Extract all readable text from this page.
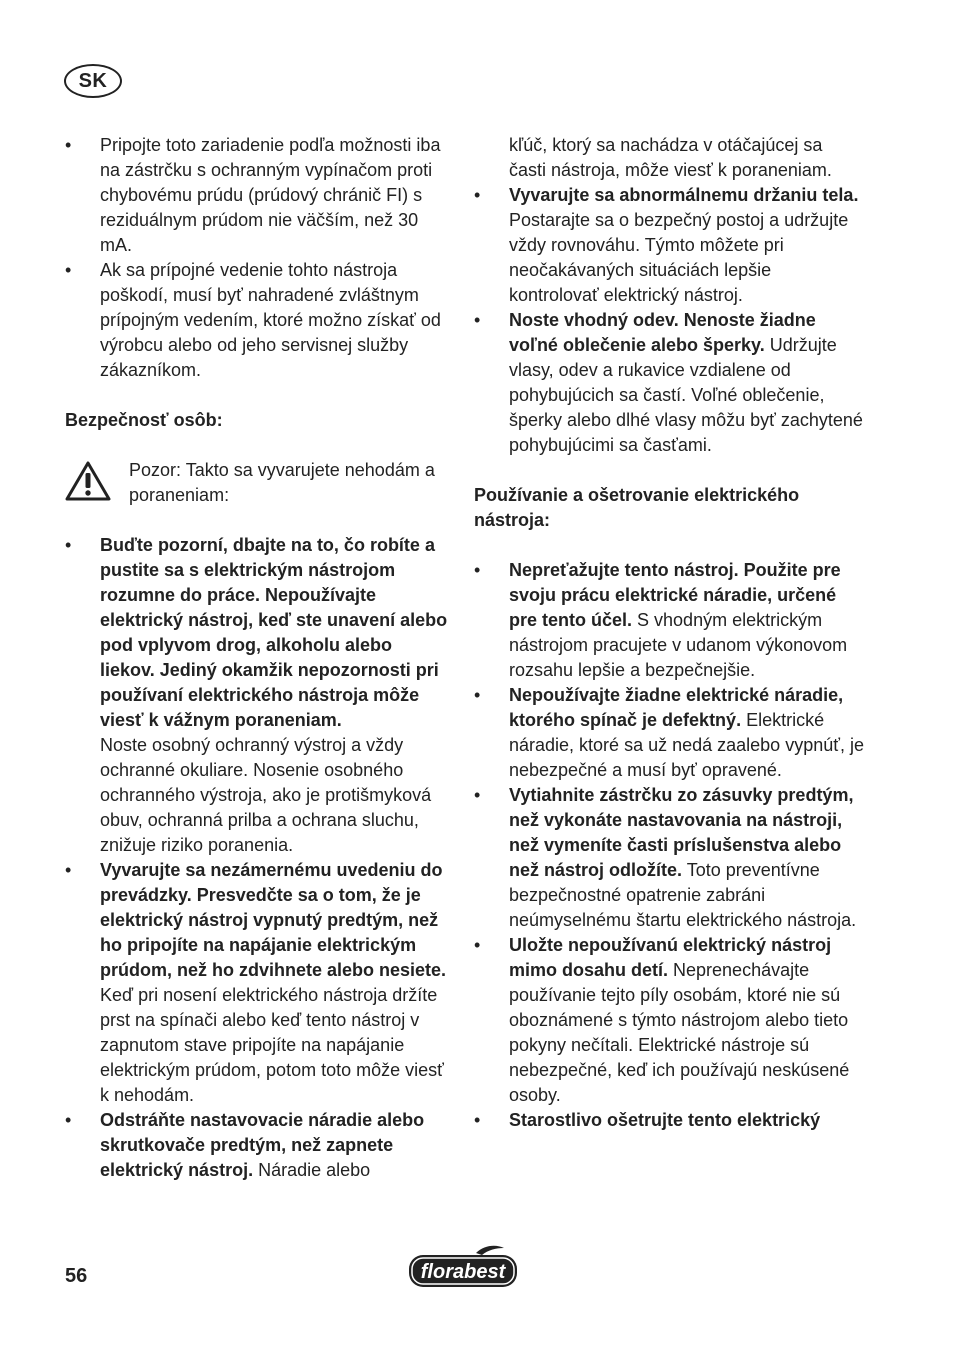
SK
• Pripojte toto zariadenie podľa možnosti iba na zástrčku s ochranným vypínačom proti chybovému prúdu (prúdový chránič FI) s reziduálnym prúdom nie väčším, než 30 mA.
• Ak sa prípojné vedenie tohto nástroja poškodí, musí byť nahradené zvláštnym prípojným vedením, ktoré možno získať od výrobcu alebo od jeho servisnej služby zákazníkom.

Bezpečnosť osôb:

Pozor: Takto sa vyvarujete nehodám a poraneniam:
• Buďte pozorní, dbajte na to, čo robíte a pustite sa s elektrickým nástrojom rozumne do práce. Nepoužívajte elektrický nástroj, keď ste unavení alebo pod vplyvom drog, alkoholu alebo liekov. Jediný okamžik nepozornosti pri používaní elektrického nástroja môže viesť k vážnym poraneniam.
Noste osobný ochranný výstroj a vždy ochranné okuliare. Nosenie osobného ochranného výstroja, ako je protišmyková obuv, ochranná prilba a ochrana sluchu, znižuje riziko poranenia.
• Vyvarujte sa nezámernému uvedeniu do prevádzky. Presvedčte sa o tom, že je elektrický nástroj vypnutý predtým, než ho pripojíte na napájanie elektrickým prúdom, než ho zdvihnete alebo nesiete.
Keď pri nosení elektrického nástroja držíte prst na spínači alebo keď tento nástroj v zapnutom stave pripojíte na napájanie elektrickým prúdom, potom toto môže viesť k nehodám.
• Odstráňte nastavovacie náradie alebo skrutkovače predtým, než zapnete elektrický nástroj. Náradie alebo

kľúč, ktorý sa nachádza v otáčajúcej sa časti nástroja, môže viesť k poraneniam.

• Vyvarujte sa abnormálnemu držaniu tela. Postarajte sa o bezpečný postoj a udržujte vždy rovnováhu. Týmto môžete pri neočakávaných situáciách lepšie kontrolovať elektrický nástroj.
• Noste vhodný odev. Nenoste žiadne voľné oblečenie alebo šperky. Udržujte vlasy, odev a rukavice vzdialene od pohybujúcich sa častí. Voľné oblečenie, šperky alebo dlhé vlasy môžu byť zachytené pohybujúcimi sa časťami.

Používanie a ošetrovanie elektrického nástroja:

• Nepreťažujte tento nástroj. Použite pre svoju prácu elektrické náradie, určené pre tento účel. S vhodným elektrickým nástrojom pracujete v udanom výkonovom rozsahu lepšie a bezpečnejšie.
• Nepoužívajte žiadne elektrické náradie, ktorého spínač je defektný. Elektrické náradie, ktoré sa už nedá zaalebo vypnúť, je nebezpečné a musí byť opravené.
• Vytiahnite zástrčku zo zásuvky predtým, než vykonáte nastavovania na nástroji, než vymeníte časti príslušenstva alebo než nástroj odložíte. Toto preventívne bezpečnostné opatrenie zabráni neúmyselnému štartu elektrického nástroja.
• Uložte nepoužívanú elektrický nástroj mimo dosahu detí. Neprenechávajte používanie tejto píly osobám, ktoré nie sú oboznámené s týmto nástrojom alebo tieto pokyny nečítali. Elektrické nástroje sú nebezpečné, keď ich používajú neskúsené osoby.
• Starostlivo ošetrujte tento elektrický
56	florabest
